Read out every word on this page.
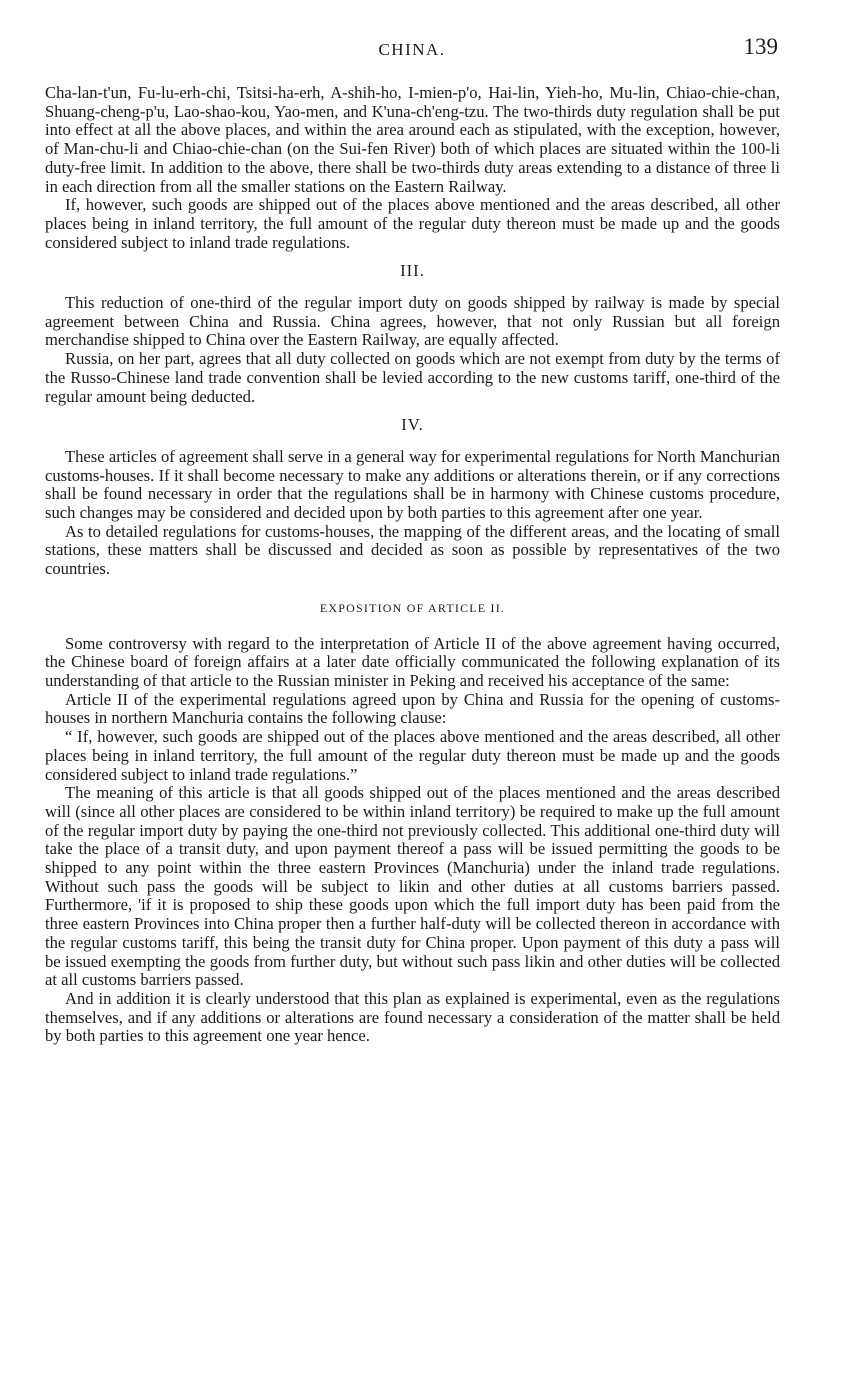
CHINA.	139

Cha-lan-t'un, Fu-lu-erh-chi, Tsitsi-ha-erh, A-shih-ho, I-mien-p'o, Hai-lin, Yieh-ho, Mu-lin, Chiao-chie-chan, Shuang-cheng-p'u, Lao-shao-kou, Yao-men, and K'una-ch'eng-tzu. The two-thirds duty regulation shall be put into effect at all the above places, and within the area around each as stipulated, with the exception, however, of Man-chu-li and Chiao-chie-chan (on the Sui-fen River) both of which places are situated within the 100-li duty-free limit. In addition to the above, there shall be two-thirds duty areas extending to a distance of three li in each direction from all the smaller stations on the Eastern Railway.

If, however, such goods are shipped out of the places above mentioned and the areas described, all other places being in inland territory, the full amount of the regular duty thereon must be made up and the goods considered subject to inland trade regulations.

III.

This reduction of one-third of the regular import duty on goods shipped by railway is made by special agreement between China and Russia. China agrees, however, that not only Russian but all foreign merchandise shipped to China over the Eastern Railway, are equally affected.

Russia, on her part, agrees that all duty collected on goods which are not exempt from duty by the terms of the Russo-Chinese land trade convention shall be levied according to the new customs tariff, one-third of the regular amount being deducted.

IV.

These articles of agreement shall serve in a general way for experimental regulations for North Manchurian customs-houses. If it shall become necessary to make any additions or alterations therein, or if any corrections shall be found necessary in order that the regulations shall be in harmony with Chinese customs procedure, such changes may be considered and decided upon by both parties to this agreement after one year.

As to detailed regulations for customs-houses, the mapping of the different areas, and the locating of small stations, these matters shall be discussed and decided as soon as possible by representatives of the two countries.

EXPOSITION OF ARTICLE II.

Some controversy with regard to the interpretation of Article II of the above agreement having occurred, the Chinese board of foreign affairs at a later date officially communicated the following explanation of its understanding of that article to the Russian minister in Peking and received his acceptance of the same:

Article II of the experimental regulations agreed upon by China and Russia for the opening of customs-houses in northern Manchuria contains the following clause:

“ If, however, such goods are shipped out of the places above mentioned and the areas described, all other places being in inland territory, the full amount of the regular duty thereon must be made up and the goods considered subject to inland trade regulations.”

The meaning of this article is that all goods shipped out of the places mentioned and the areas described will (since all other places are considered to be within inland territory) be required to make up the full amount of the regular import duty by paying the one-third not previously collected. This additional one-third duty will take the place of a transit duty, and upon payment thereof a pass will be issued permitting the goods to be shipped to any point within the three eastern Provinces (Manchuria) under the inland trade regulations. Without such pass the goods will be subject to likin and other duties at all customs barriers passed. Furthermore, 'if it is proposed to ship these goods upon which the full import duty has been paid from the three eastern Provinces into China proper then a further half-duty will be collected thereon in accordance with the regular customs tariff, this being the transit duty for China proper. Upon payment of this duty a pass will be issued exempting the goods from further duty, but without such pass likin and other duties will be collected at all customs barriers passed.

And in addition it is clearly understood that this plan as explained is experimental, even as the regulations themselves, and if any additions or alterations are found necessary a consideration of the matter shall be held by both parties to this agreement one year hence.
